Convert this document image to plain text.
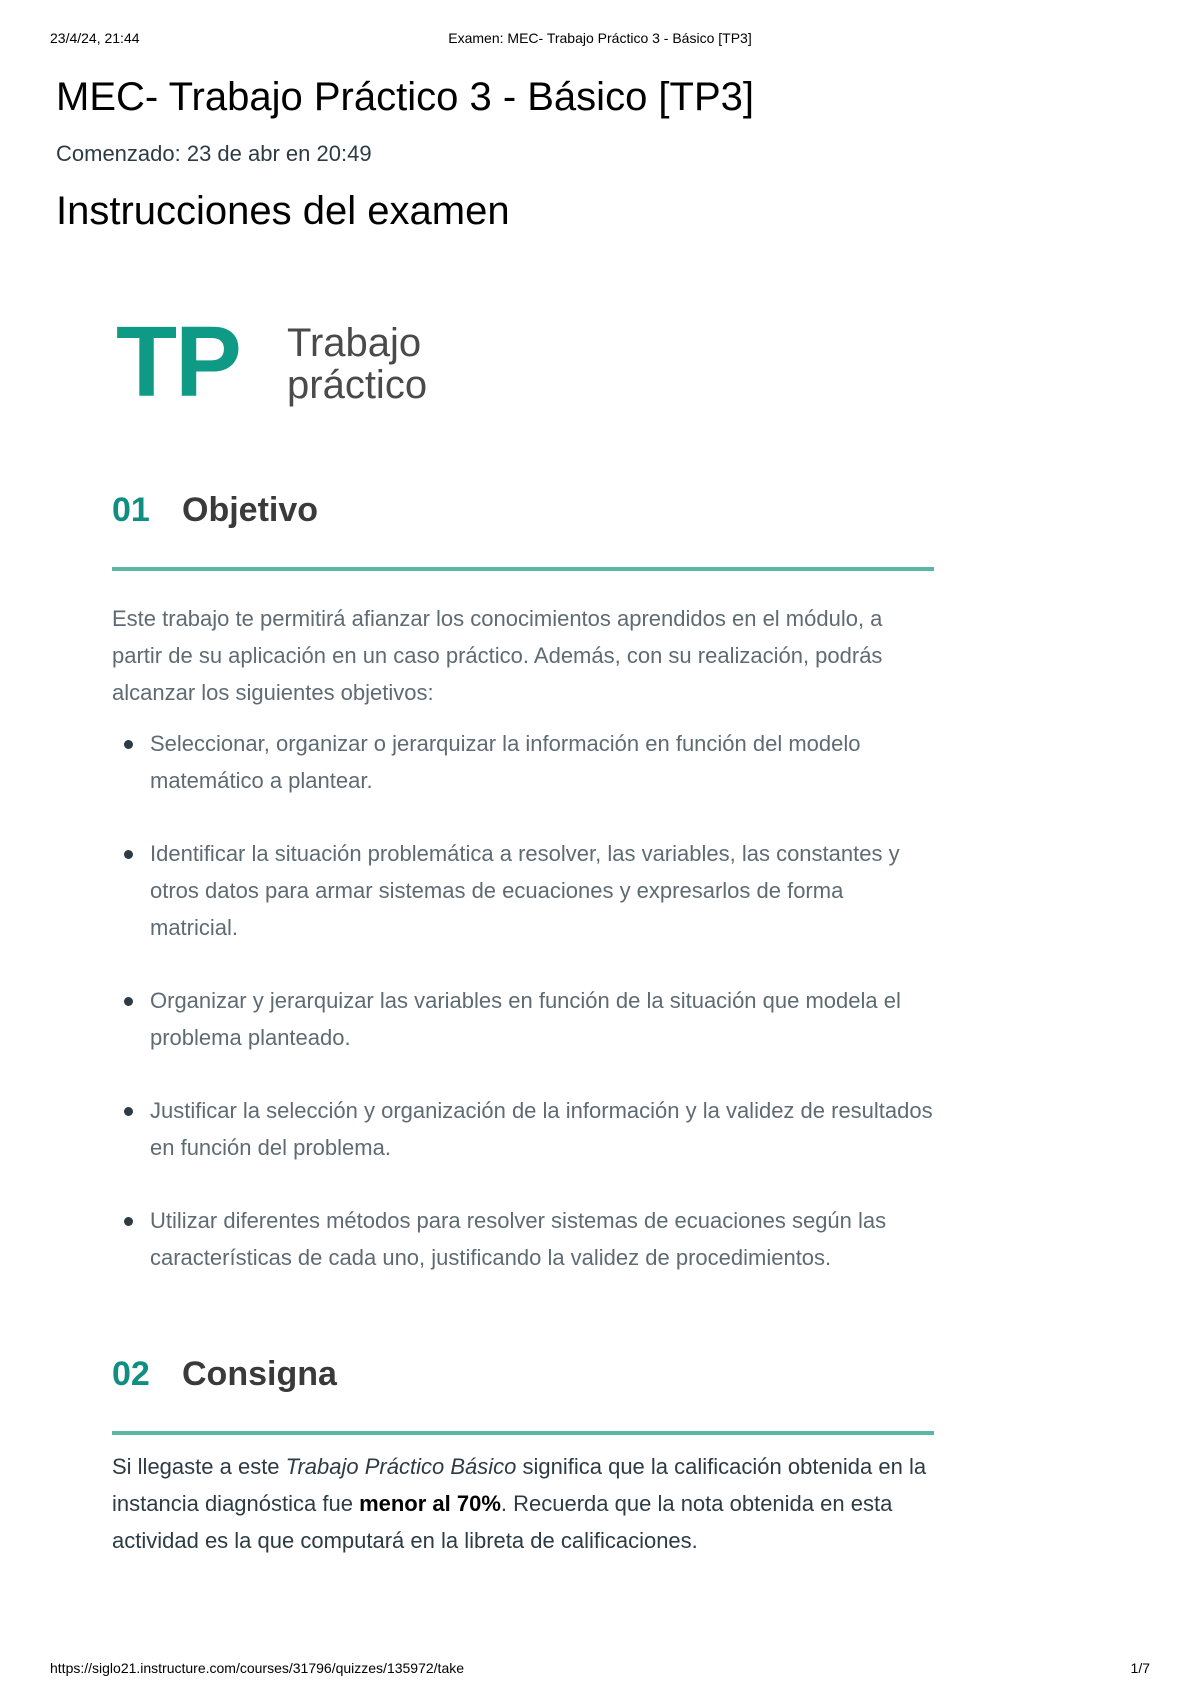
23/4/24, 21:44	Examen: MEC- Trabajo Práctico 3 - Básico [TP3]
MEC- Trabajo Práctico 3 - Básico [TP3]
Comenzado: 23 de abr en 20:49
Instrucciones del examen
TP Trabajo
práctico
01 Objetivo

Este trabajo te permitirá afianzar los conocimientos aprendidos en el módulo, a partir de su aplicación en un caso práctico. Además, con su realización, podrás alcanzar los siguientes objetivos:

Seleccionar, organizar o jerarquizar la información en función del modelo matemático a plantear.
Identificar la situación problemática a resolver, las variables, las constantes y otros datos para armar sistemas de ecuaciones y expresarlos de forma matricial.
Organizar y jerarquizar las variables en función de la situación que modela el problema planteado.
Justificar la selección y organización de la información y la validez de resultados en función del problema.
Utilizar diferentes métodos para resolver sistemas de ecuaciones según las características de cada uno, justificando la validez de procedimientos.
02 Consigna

Si llegaste a este Trabajo Práctico Básico significa que la calificación obtenida en la instancia diagnóstica fue menor al 70%. Recuerda que la nota obtenida en esta actividad es la que computará en la libreta de calificaciones.

https://siglo21.instructure.com/courses/31796/quizzes/135972/take	1/7
